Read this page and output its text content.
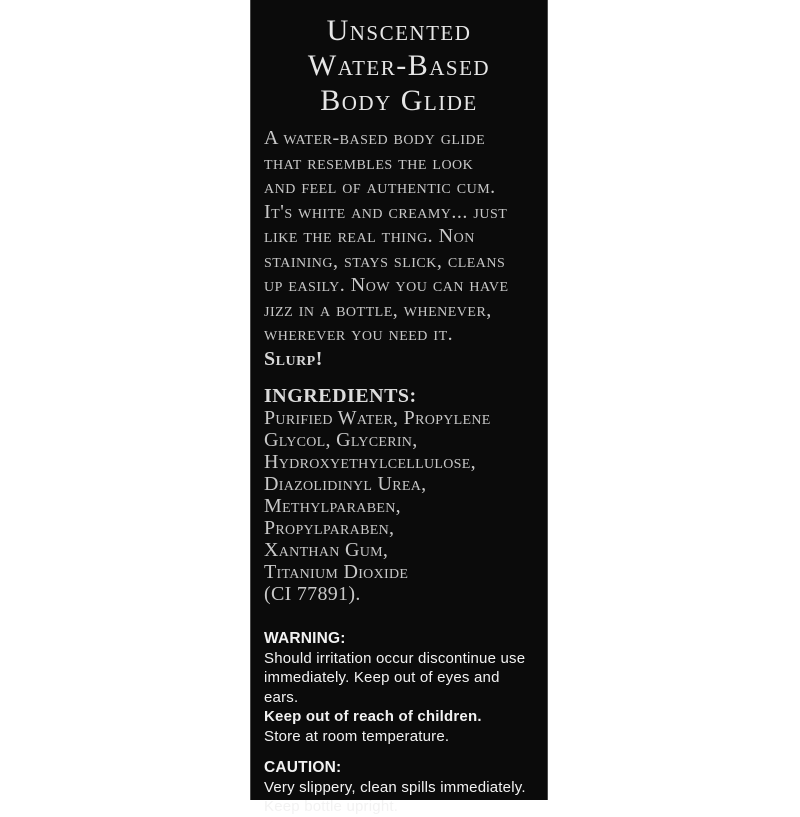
Unscented
Water-Based
Body Glide
A water-based body glide
that resembles the look
and feel of authentic cum.
It's white and creamy... just
like the real thing. Non
staining, stays slick, cleans
up easily. Now you can have
jizz in a bottle, whenever,
wherever you need it.
Slurp!
INGREDIENTS:
Purified Water, Propylene
Glycol, Glycerin,
Hydroxyethylcellulose,
Diazolidinyl Urea,
Methylparaben,
Propylparaben,
Xanthan Gum,
Titanium Dioxide
(CI 77891).
WARNING:
Should irritation occur discontinue use
immediately. Keep out of eyes and ears.
Keep out of reach of children.
Store at room temperature.
CAUTION:
Very slippery, clean spills immediately.
Keep bottle upright.
